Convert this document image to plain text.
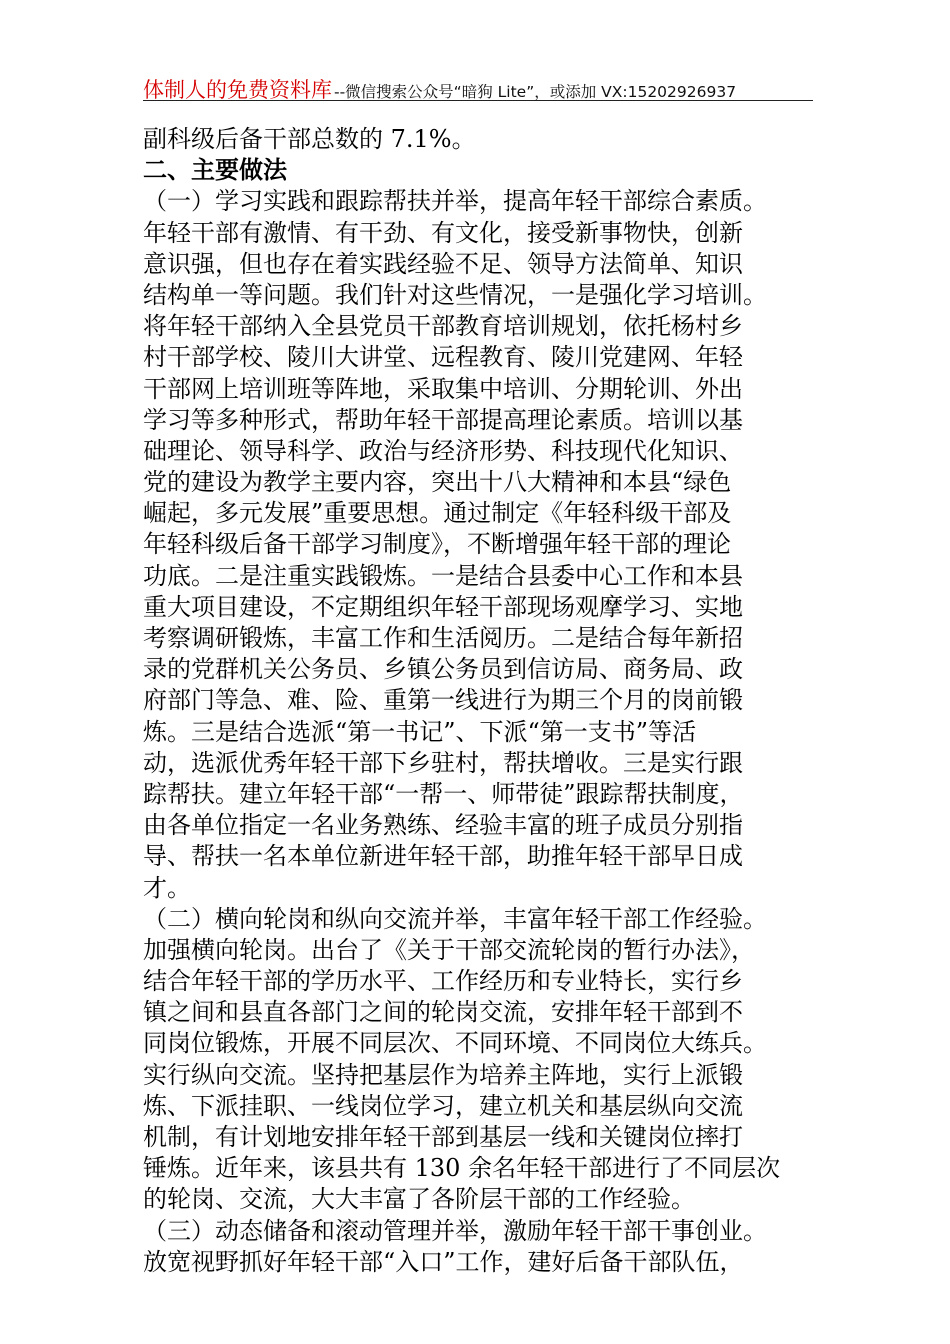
体制人的免费资料库 --微信搜索公众号“暗狗 Lite”，或添加 VX:15202926937
副科级后备干部总数的 7.1%。
二、主要做法
（一）学习实践和跟踪帮扶并举，提高年轻干部综合素质。
年轻干部有激情、有干劲、有文化，接受新事物快，创新
意识强，但也存在着实践经验不足、领导方法简单、知识
结构单一等问题。我们针对这些情况，一是强化学习培训。
将年轻干部纳入全县党员干部教育培训规划，依托杨村乡
村干部学校、陵川大讲堂、远程教育、陵川党建网、年轻
干部网上培训班等阵地，采取集中培训、分期轮训、外出
学习等多种形式，帮助年轻干部提高理论素质。培训以基
础理论、领导科学、政治与经济形势、科技现代化知识、
党的建设为教学主要内容，突出十八大精神和本县“绿色
崛起，多元发展”重要思想。通过制定《年轻科级干部及
年轻科级后备干部学习制度》，不断增强年轻干部的理论
功底。二是注重实践锻炼。一是结合县委中心工作和本县
重大项目建设，不定期组织年轻干部现场观摩学习、实地
考察调研锻炼，丰富工作和生活阅历。二是结合每年新招
录的党群机关公务员、乡镇公务员到信访局、商务局、政
府部门等急、难、险、重第一线进行为期三个月的岗前锻
炼。三是结合选派“第一书记”、下派“第一支书”等活
动，选派优秀年轻干部下乡驻村，帮扶增收。三是实行跟
踪帮扶。建立年轻干部“一帮一、师带徒”跟踪帮扶制度，
由各单位指定一名业务熟练、经验丰富的班子成员分别指
导、帮扶一名本单位新进年轻干部，助推年轻干部早日成
才。
（二）横向轮岗和纵向交流并举，丰富年轻干部工作经验。
加强横向轮岗。出台了《关于干部交流轮岗的暂行办法》，
结合年轻干部的学历水平、工作经历和专业特长，实行乡
镇之间和县直各部门之间的轮岗交流，安排年轻干部到不
同岗位锻炼，开展不同层次、不同环境、不同岗位大练兵。
实行纵向交流。坚持把基层作为培养主阵地，实行上派锻
炼、下派挂职、一线岗位学习，建立机关和基层纵向交流
机制，有计划地安排年轻干部到基层一线和关键岗位摔打
锤炼。近年来，该县共有 130 余名年轻干部进行了不同层次
的轮岗、交流，大大丰富了各阶层干部的工作经验。
（三）动态储备和滚动管理并举，激励年轻干部干事创业。
放宽视野抓好年轻干部“入口”工作，建好后备干部队伍，
